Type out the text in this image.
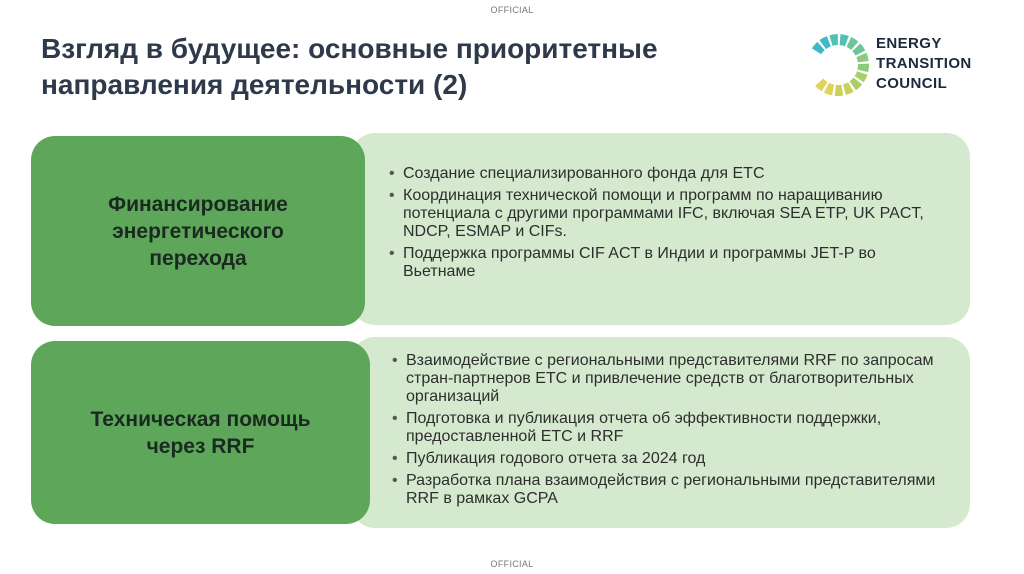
OFFICIAL
Взгляд в будущее: основные приоритетные направления деятельности (2)
ENERGY
TRANSITION
COUNCIL
Финансирование энергетического перехода
• Создание специализированного фонда для ETC
• Координация технической помощи и программ по наращиванию потенциала с другими программами IFC, включая SEA ETP, UK PACT, NDCP, ESMAP и CIFs.
• Поддержка программы CIF ACT в Индии и программы JET-P во Вьетнаме
Техническая помощь через RRF
• Взаимодействие с региональными представителями RRF по запросам стран-партнеров ETC и привлечение средств от благотворительных организаций
• Подготовка и публикация отчета об эффективности поддержки, предоставленной ETC и RRF
• Публикация годового отчета за 2024 год
• Разработка плана взаимодействия с региональными представителями RRF в рамках GCPA
OFFICIAL
